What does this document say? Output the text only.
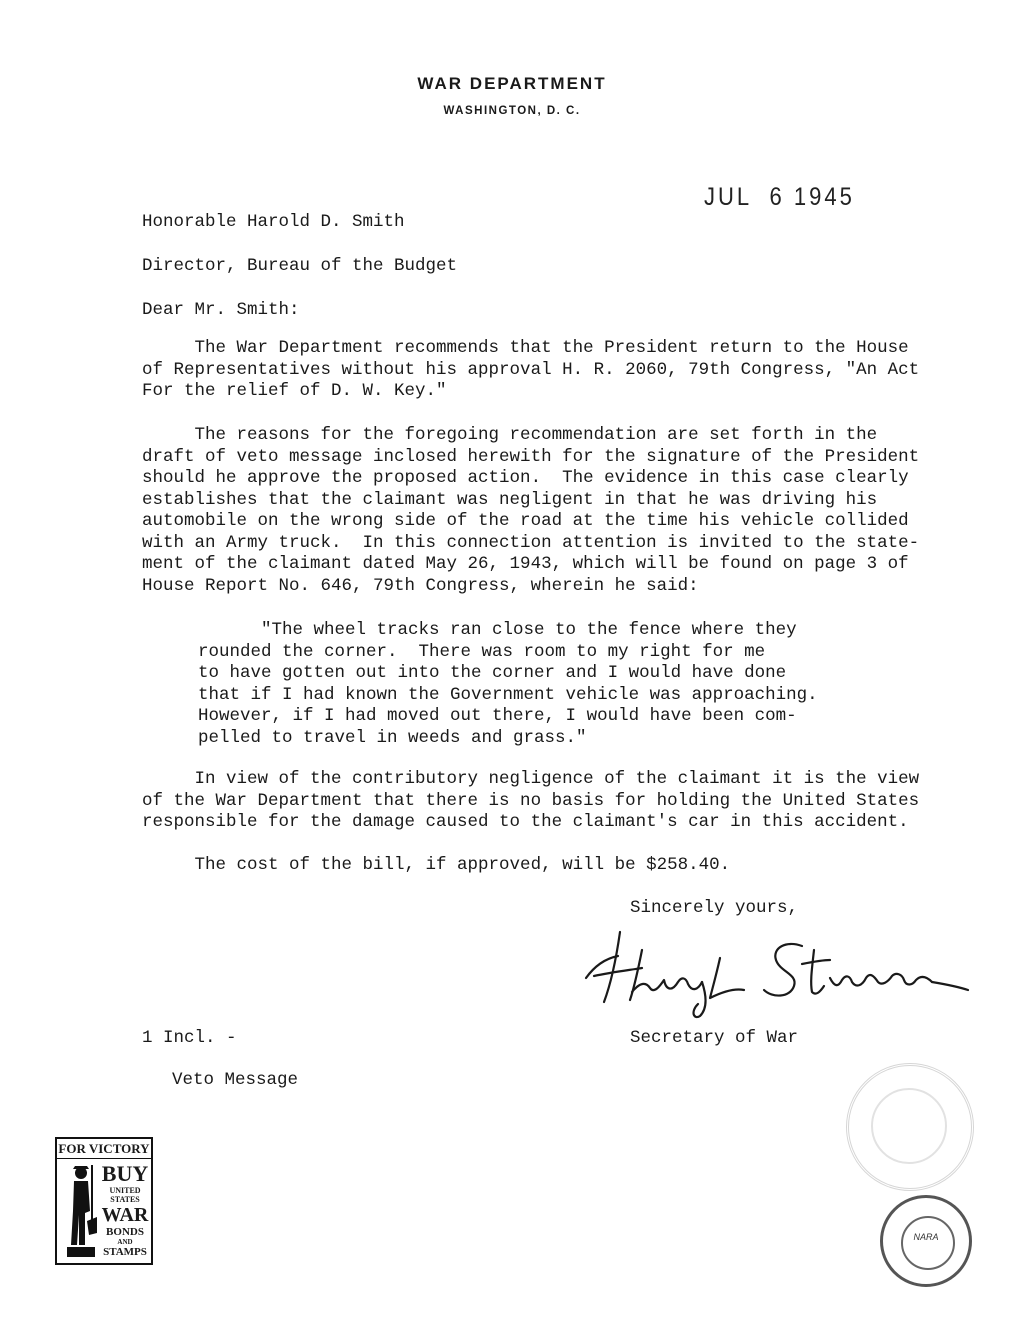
WAR DEPARTMENT
WASHINGTON, D. C.
JUL  6 1945
Honorable Harold D. Smith
Director, Bureau of the Budget
Dear Mr. Smith:
The War Department recommends that the President return to the House
of Representatives without his approval H. R. 2060, 79th Congress, "An Act
For the relief of D. W. Key."
The reasons for the foregoing recommendation are set forth in the
draft of veto message inclosed herewith for the signature of the President
should he approve the proposed action.  The evidence in this case clearly
establishes that the claimant was negligent in that he was driving his
automobile on the wrong side of the road at the time his vehicle collided
with an Army truck.  In this connection attention is invited to the state-
ment of the claimant dated May 26, 1943, which will be found on page 3 of
House Report No. 646, 79th Congress, wherein he said:
"The wheel tracks ran close to the fence where they
rounded the corner.  There was room to my right for me
to have gotten out into the corner and I would have done
that if I had known the Government vehicle was approaching.
However, if I had moved out there, I would have been com-
pelled to travel in weeds and grass."
In view of the contributory negligence of the claimant it is the view
of the War Department that there is no basis for holding the United States
responsible for the damage caused to the claimant's car in this accident.
The cost of the bill, if approved, will be $258.40.
Sincerely yours,
Secretary of War
1 Incl. -
Veto Message
FOR VICTORY
BUY
UNITED
STATES
WAR
BONDS
AND
STAMPS
NARA
